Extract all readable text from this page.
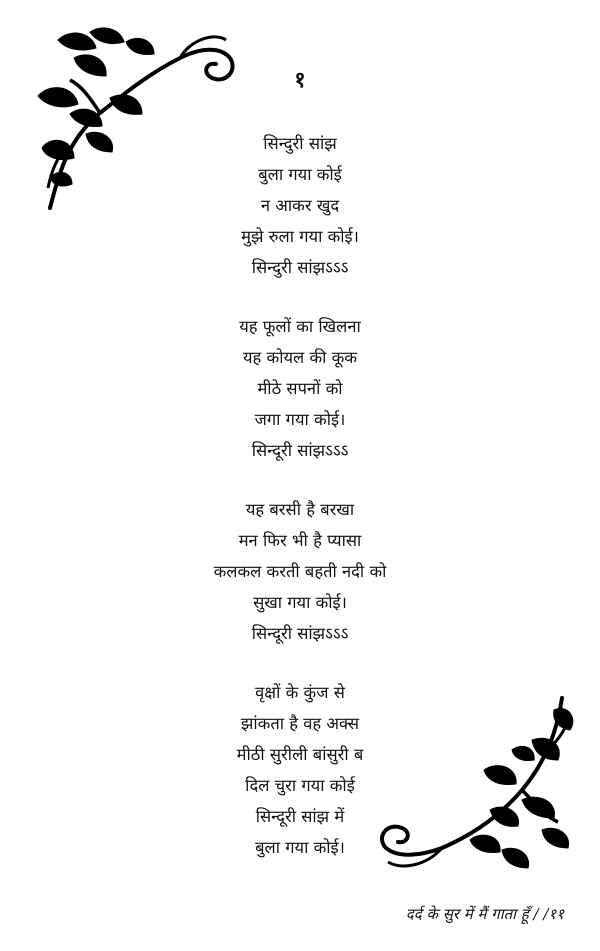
१
सिन्दुरी सांझ
बुला गया कोई
न आकर खुद
मुझे रुला गया कोई।
सिन्दुरी सांझऽऽऽ
यह फूलों का खिलना
यह कोयल की कूक
मीठे सपनों को
जगा गया कोई।
सिन्दूरी सांझऽऽऽ
यह बरसी है बरखा
मन फिर भी है प्यासा
कलकल करती बहती नदी को
सुखा गया कोई।
सिन्दूरी सांझऽऽऽ
वृक्षों के कुंज से
झांकता है वह अक्स
मीठी सुरीली बांसुरी ब
दिल चुरा गया कोई
सिन्दूरी सांझ में
बुला गया कोई।
दर्द के सुर में मैं गाता हूँ / /११
